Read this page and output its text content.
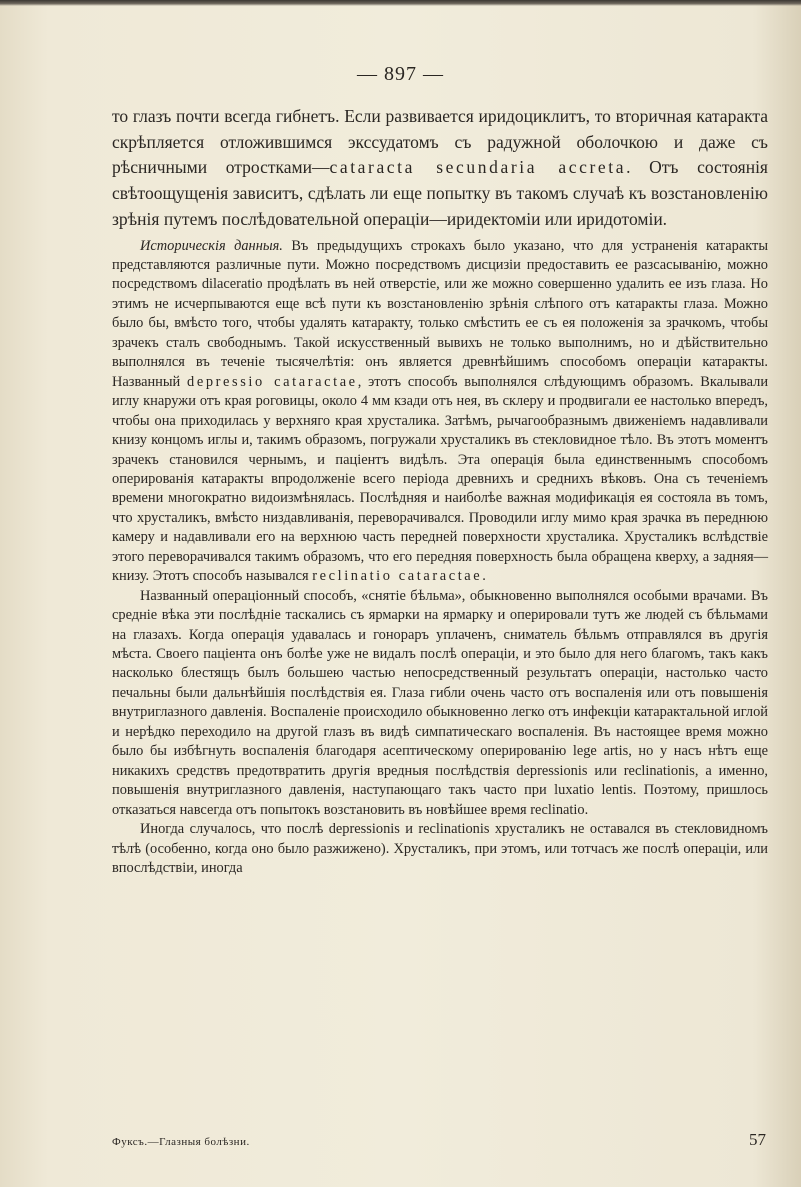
— 897 —

то глазъ почти всегда гибнетъ. Если развивается иридоциклитъ, то вторичная катаракта скрѣпляется отложившимся экссудатомъ съ радужной оболочкою и даже съ рѣсничными отростками—cataracta secundaria accreta. Отъ состоянія свѣтоощущенія зависитъ, сдѣлать ли еще попытку въ такомъ случаѣ къ возстановленію зрѣнія путемъ послѣдовательной операціи—иридектоміи или иридотоміи.

Историческія данныя. Въ предыдущихъ строкахъ было указано, что для устраненія катаракты представляются различные пути. Можно посредствомъ дисцизіи предоставить ее разсасыванію, можно посредствомъ dilaceratio продѣлать въ ней отверстіе, или же можно совершенно удалить ее изъ глаза. Но этимъ не исчерпываются еще всѣ пути къ возстановленію зрѣнія слѣпого отъ катаракты глаза. Можно было бы, вмѣсто того, чтобы удалять катаракту, только смѣстить ее съ ея положенія за зрачкомъ, чтобы зрачекъ сталъ свободнымъ. Такой искусственный вывихъ не только выполнимъ, но и дѣйствительно выполнялся въ теченіе тысячелѣтія: онъ является древнѣйшимъ способомъ операціи катаракты. Названный depressio cataractae, этотъ способъ выполнялся слѣдующимъ образомъ. Вкалывали иглу кнаружи отъ края роговицы, около 4 мм кзади отъ нея, въ склеру и продвигали ее настолько впередъ, чтобы она приходилась у верхняго края хрусталика. Затѣмъ, рычагообразнымъ движеніемъ надавливали книзу концомъ иглы и, такимъ образомъ, погружали хрусталикъ въ стекловидное тѣло. Въ этотъ моментъ зрачекъ становился чернымъ, и паціентъ видѣлъ. Эта операція была единственнымъ способомъ оперированія катаракты впродолженіе всего періода древнихъ и среднихъ вѣковъ. Она съ теченіемъ времени многократно видоизмѣнялась. Послѣдняя и наиболѣе важная модификація ея состояла въ томъ, что хрусталикъ, вмѣсто низдавливанія, переворачивался. Проводили иглу мимо края зрачка въ переднюю камеру и надавливали его на верхнюю часть передней поверхности хрусталика. Хрусталикъ вслѣдствіе этого переворачивался такимъ образомъ, что его передняя поверхность была обращена кверху, а задняя—книзу. Этотъ способъ назывался reclinatio cataractae.

Названный операціонный способъ, «снятіе бѣльма», обыкновенно выполнялся особыми врачами. Въ средніе вѣка эти послѣдніе таскались съ ярмарки на ярмарку и оперировали тутъ же людей съ бѣльмами на глазахъ. Когда операція удавалась и гонораръ уплаченъ, сниматель бѣльмъ отправлялся въ другія мѣста. Своего паціента онъ болѣе уже не видалъ послѣ операціи, и это было для него благомъ, такъ какъ насколько блестящъ былъ большею частью непосредственный результатъ операціи, настолько часто печальны были дальнѣйшія послѣдствія ея. Глаза гибли очень часто отъ воспаленія или отъ повышенія внутриглазного давленія. Воспаленіе происходило обыкновенно легко отъ инфекціи катарактальной иглой и нерѣдко переходило на другой глазъ въ видѣ симпатическаго воспаленія. Въ настоящее время можно было бы избѣгнуть воспаленія благодаря асептическому оперированію lege artis, но у насъ нѣтъ еще никакихъ средствъ предотвратить другія вредныя послѣдствія depressionis или reclinationis, а именно, повышенія внутриглазного давленія, наступающаго такъ часто при luxatio lentis. Поэтому, пришлось отказаться навсегда отъ попытокъ возстановить въ новѣйшее время reclinatio.

Иногда случалось, что послѣ depressionis и reclinationis хрусталикъ не оставался въ стекловидномъ тѣлѣ (особенно, когда оно было разжижено). Хрусталикъ, при этомъ, или тотчасъ же послѣ операціи, или впослѣдствіи, иногда

Фуксъ.—Глазныя болѣзни.	57
